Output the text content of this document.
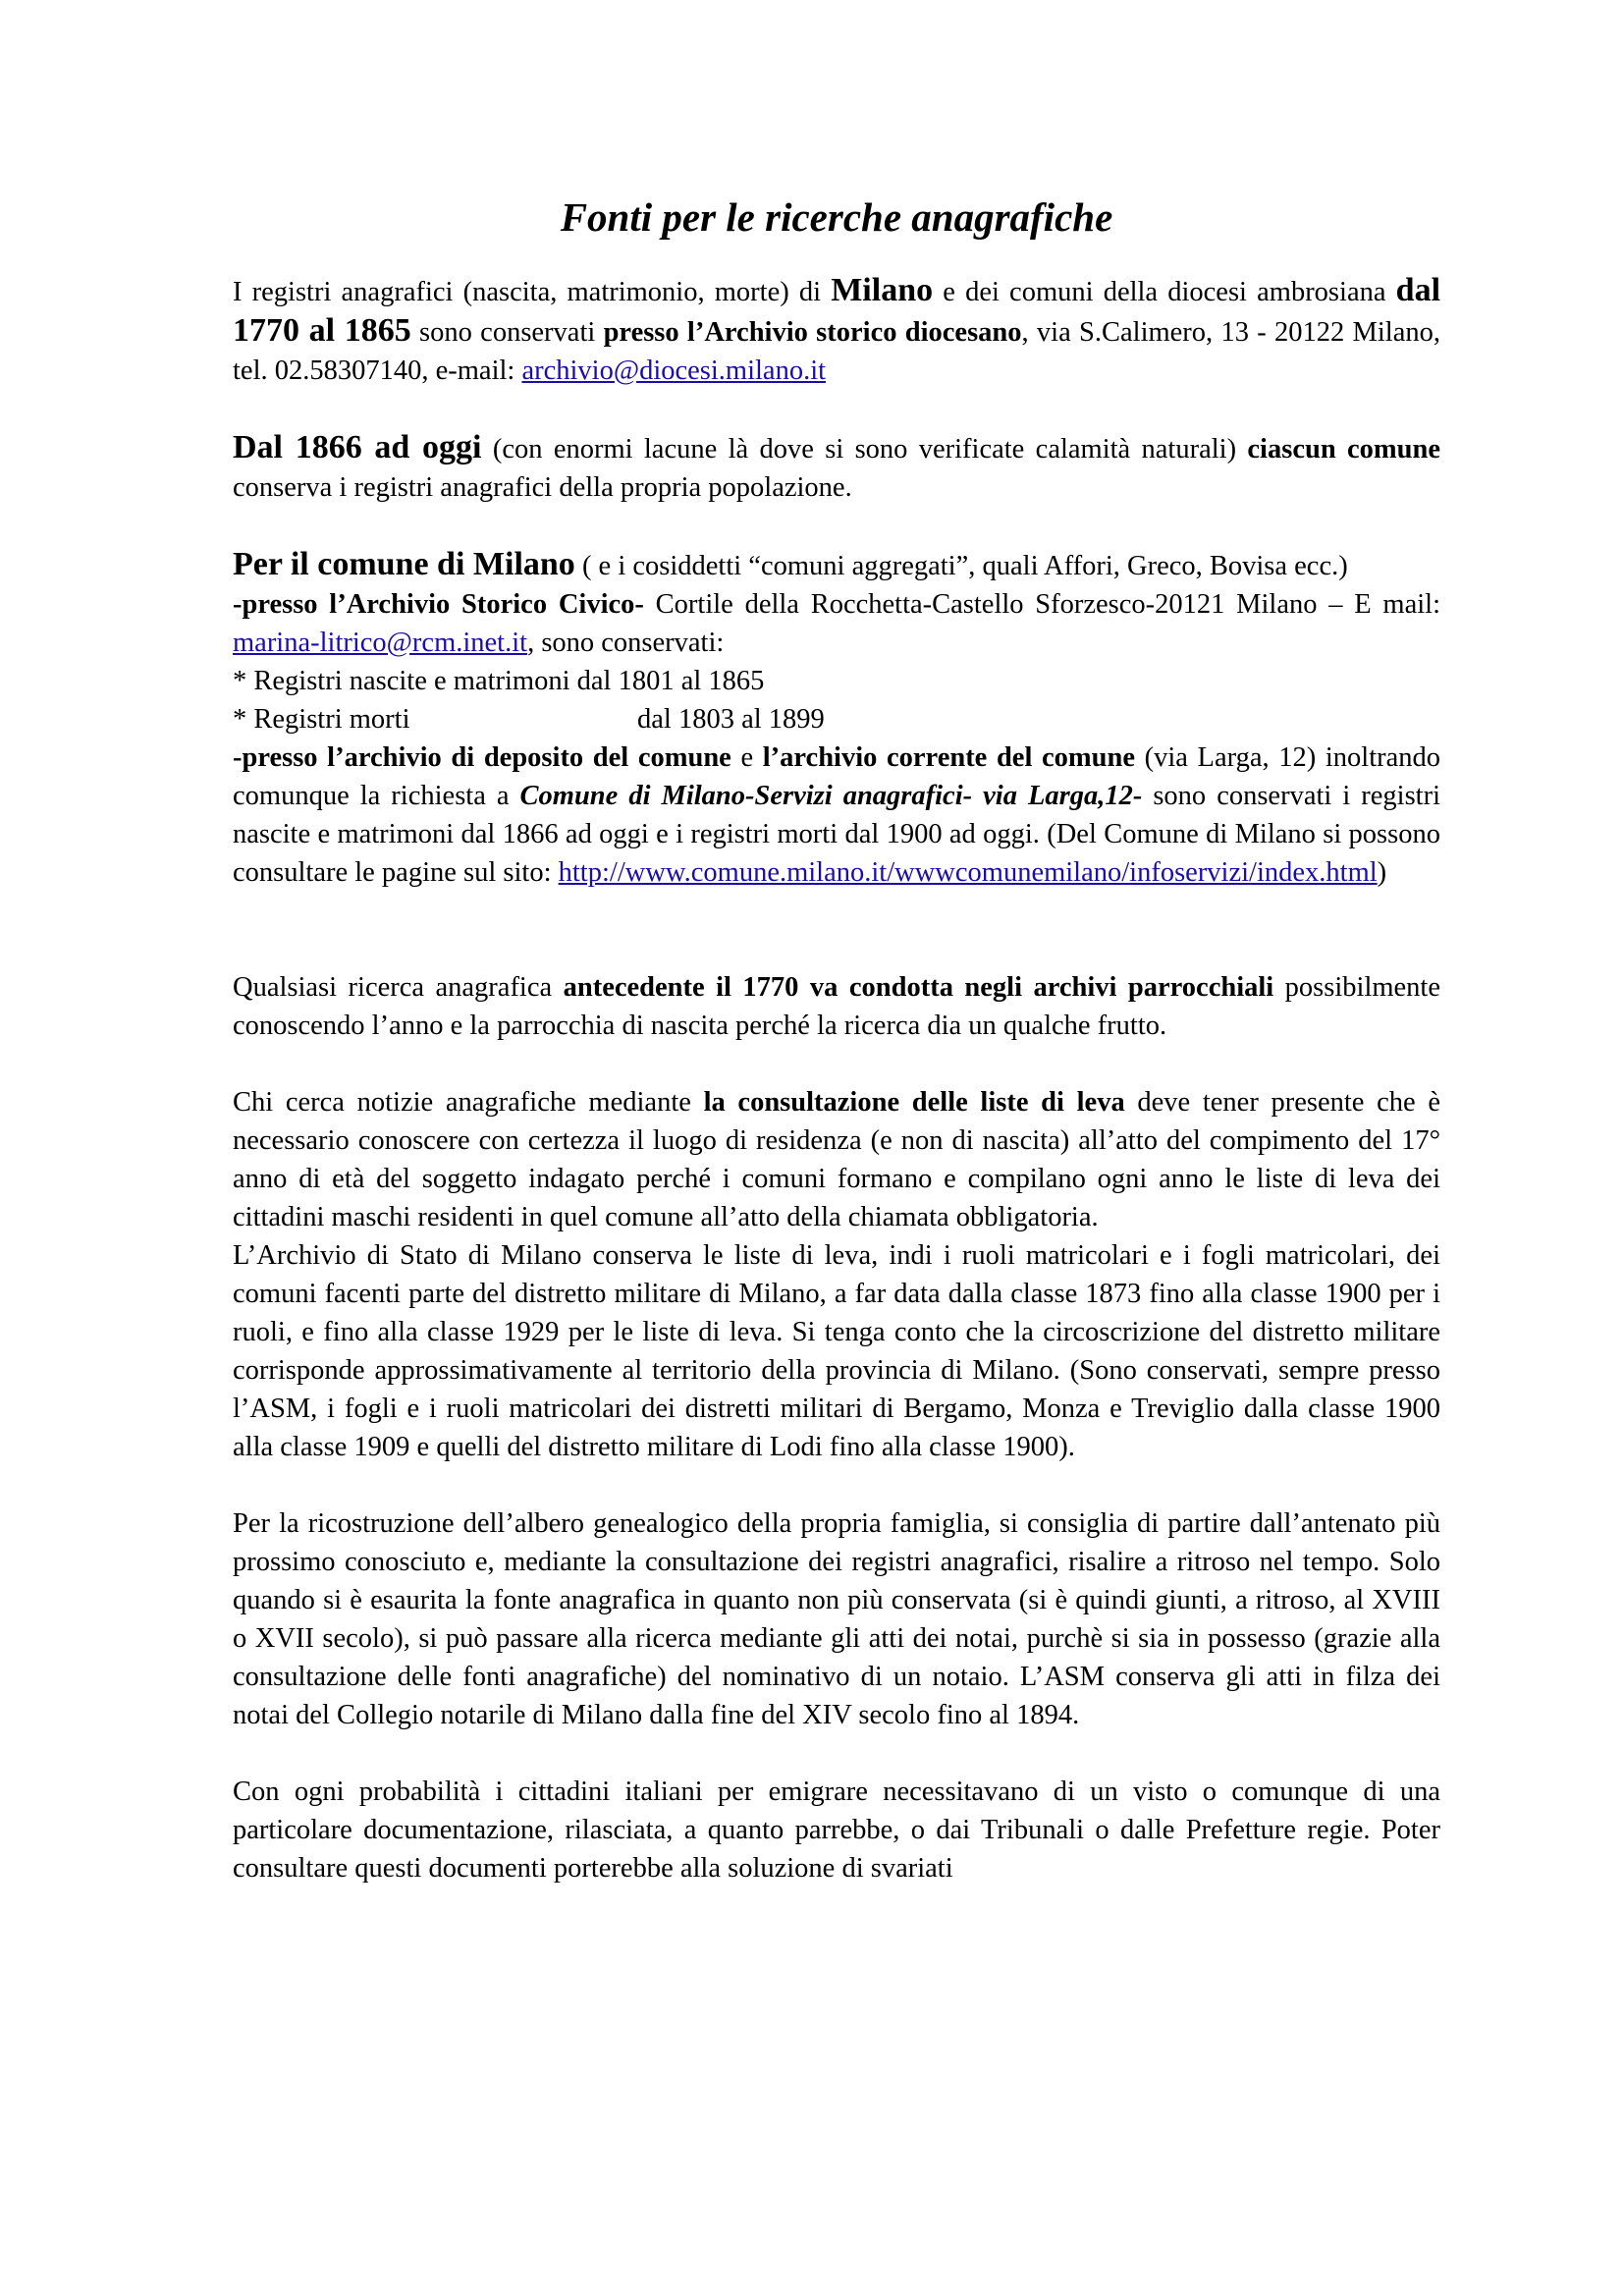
Fonti per le ricerche anagrafiche

I registri anagrafici (nascita, matrimonio, morte) di Milano e dei comuni della diocesi ambrosiana dal 1770 al 1865 sono conservati presso l’Archivio storico diocesano, via S.Calimero, 13 - 20122 Milano, tel. 02.58307140, e-mail: archivio@diocesi.milano.it

Dal 1866 ad oggi (con enormi lacune là dove si sono verificate calamità naturali) ciascun comune conserva i registri anagrafici della propria popolazione.

Per il comune di Milano ( e i cosiddetti “comuni aggregati”, quali Affori, Greco, Bovisa ecc.)

-presso l’Archivio Storico Civico- Cortile della Rocchetta-Castello Sforzesco-20121 Milano – E mail: marina-litrico@rcm.inet.it, sono conservati:

* Registri nascite e matrimoni dal 1801 al 1865
* Registri morti	dal 1803 al 1899

-presso l’archivio di deposito del comune e l’archivio corrente del comune (via Larga, 12) inoltrando comunque la richiesta a Comune di Milano-Servizi anagrafici- via Larga,12- sono conservati i registri nascite e matrimoni dal 1866 ad oggi e i registri morti dal 1900 ad oggi. (Del Comune di Milano si possono consultare le pagine sul sito: http://www.comune.milano.it/wwwcomunemilano/infoservizi/index.html)

Qualsiasi ricerca anagrafica antecedente il 1770 va condotta negli archivi parrocchiali possibilmente conoscendo l’anno e la parrocchia di nascita perché la ricerca dia un qualche frutto.

Chi cerca notizie anagrafiche mediante la consultazione delle liste di leva deve tener presente che è necessario conoscere con certezza il luogo di residenza (e non di nascita) all’atto del compimento del 17° anno di età del soggetto indagato perché i comuni formano e compilano ogni anno le liste di leva dei cittadini maschi residenti in quel comune all’atto della chiamata obbligatoria.

L’Archivio di Stato di Milano conserva le liste di leva, indi i ruoli matricolari e i fogli matricolari, dei comuni facenti parte del distretto militare di Milano, a far data dalla classe 1873 fino alla classe 1900 per i ruoli, e fino alla classe 1929 per le liste di leva. Si tenga conto che la circoscrizione del distretto militare corrisponde approssimativamente al territorio della provincia di Milano. (Sono conservati, sempre presso l’ASM, i fogli e i ruoli matricolari dei distretti militari di Bergamo, Monza e Treviglio dalla classe 1900 alla classe 1909 e quelli del distretto militare di Lodi fino alla classe 1900).

Per la ricostruzione dell’albero genealogico della propria famiglia, si consiglia di partire dall’antenato più prossimo conosciuto e, mediante la consultazione dei registri anagrafici, risalire a ritroso nel tempo. Solo quando si è esaurita la fonte anagrafica in quanto non più conservata (si è quindi giunti, a ritroso, al XVIII o XVII secolo), si può passare alla ricerca mediante gli atti dei notai, purchè si sia in possesso (grazie alla consultazione delle fonti anagrafiche) del nominativo di un notaio. L’ASM conserva gli atti in filza dei notai del Collegio notarile di Milano dalla fine del XIV secolo fino al 1894.

Con ogni probabilità i cittadini italiani per emigrare necessitavano di un visto o comunque di una particolare documentazione, rilasciata, a quanto parrebbe, o dai Tribunali o dalle Prefetture regie. Poter consultare questi documenti porterebbe alla soluzione di svariati
